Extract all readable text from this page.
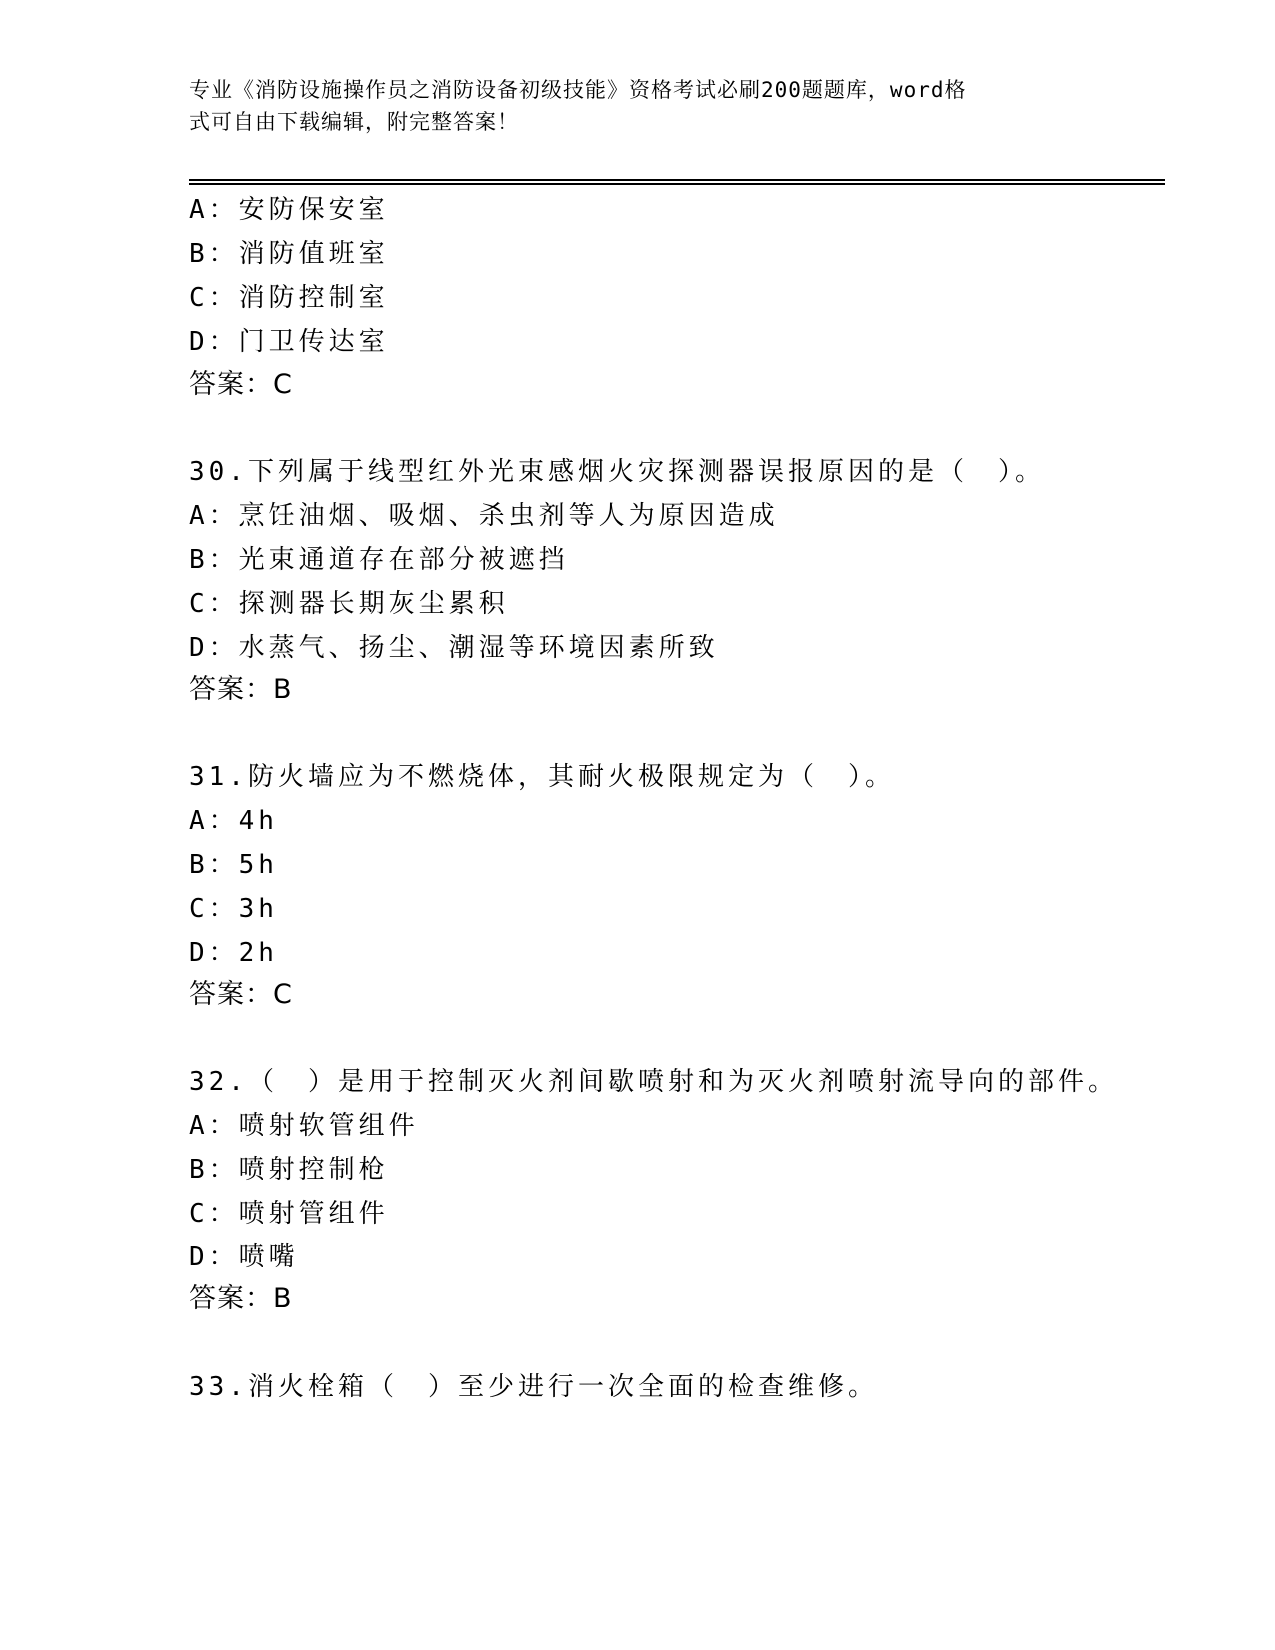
专业《消防设施操作员之消防设备初级技能》资格考试必刷200题题库，word格
式可自由下载编辑，附完整答案！
A：安防保安室
B：消防值班室
C：消防控制室
D：门卫传达室
答案：C
30.下列属于线型红外光束感烟火灾探测器误报原因的是（　）。
A：烹饪油烟、吸烟、杀虫剂等人为原因造成
B：光束通道存在部分被遮挡
C：探测器长期灰尘累积
D：水蒸气、扬尘、潮湿等环境因素所致
答案：B
31.防火墙应为不燃烧体，其耐火极限规定为（　）。
A：4h
B：5h
C：3h
D：2h
答案：C
32.（　）是用于控制灭火剂间歇喷射和为灭火剂喷射流导向的部件。
A：喷射软管组件
B：喷射控制枪
C：喷射管组件
D：喷嘴
答案：B
33.消火栓箱（　）至少进行一次全面的检查维修。
